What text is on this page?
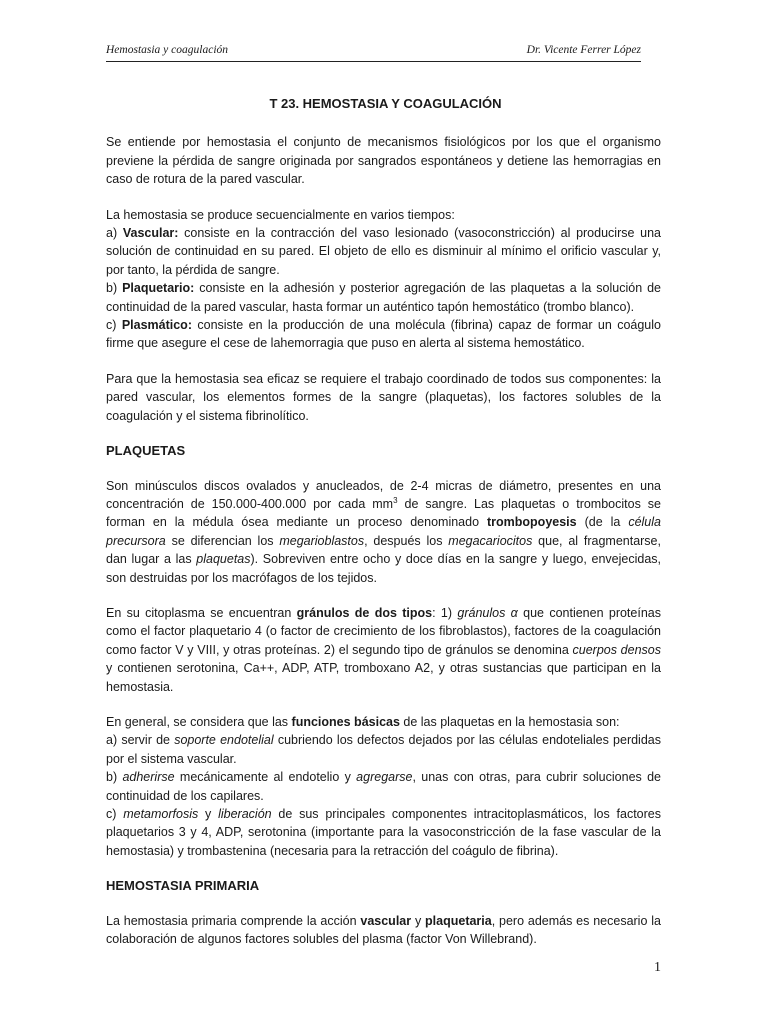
Hemostasia y coagulación	Dr. Vicente Ferrer López
T 23. HEMOSTASIA Y COAGULACIÓN

Se entiende por hemostasia el conjunto de mecanismos fisiológicos por los que el organismo previene la pérdida de sangre originada por sangrados espontáneos y detiene las hemorragias en caso de rotura de la pared vascular.

La hemostasia se produce secuencialmente en varios tiempos:
a) Vascular: consiste en la contracción del vaso lesionado (vasoconstricción) al producirse una solución de continuidad en su pared. El objeto de ello es disminuir al mínimo el orificio vascular y, por tanto, la pérdida de sangre.
b) Plaquetario: consiste en la adhesión y posterior agregación de las plaquetas a la solución de continuidad de la pared vascular, hasta formar un auténtico tapón hemostático (trombo blanco).
c) Plasmático: consiste en la producción de una molécula (fibrina) capaz de formar un coágulo firme que asegure el cese de lahemorragia que puso en alerta al sistema hemostático.

Para que la hemostasia sea eficaz se requiere el trabajo coordinado de todos sus componentes: la pared vascular, los elementos formes de la sangre (plaquetas), los factores solubles de la coagulación y el sistema fibrinolítico.

PLAQUETAS

Son minúsculos discos ovalados y anucleados, de 2-4 micras de diámetro, presentes en una concentración de 150.000-400.000 por cada $mm^3$ de sangre. Las plaquetas o trombocitos se forman en la médula ósea mediante un proceso denominado trombopoyesis (de la célula precursora se diferencian los megarioblastos, después los megacariocitos que, al fragmentarse, dan lugar a las plaquetas). Sobreviven entre ocho y doce días en la sangre y luego, envejecidas, son destruidas por los macrófagos de los tejidos.

En su citoplasma se encuentran gránulos de dos tipos: 1) gránulos α que contienen proteínas como el factor plaquetario 4 (o factor de crecimiento de los fibroblastos), factores de la coagulación como factor V y VIII, y otras proteínas. 2) el segundo tipo de gránulos se denomina cuerpos densos y contienen serotonina, Ca++, ADP, ATP, tromboxano A2, y otras sustancias que participan en la hemostasia.

En general, se considera que las funciones básicas de las plaquetas en la hemostasia son:
a) servir de soporte endotelial cubriendo los defectos dejados por las células endoteliales perdidas por el sistema vascular.
b) adherirse mecánicamente al endotelio y agregarse, unas con otras, para cubrir soluciones de continuidad de los capilares.
c) metamorfosis y liberación de sus principales componentes intracitoplasmáticos, los factores plaquetarios 3 y 4, ADP, serotonina (importante para la vasoconstricción de la fase vascular de la hemostasia) y trombastenina (necesaria para la retracción del coágulo de fibrina).

HEMOSTASIA PRIMARIA

La hemostasia primaria comprende la acción vascular y plaquetaria, pero además es necesario la colaboración de algunos factores solubles del plasma (factor Von Willebrand).

1
